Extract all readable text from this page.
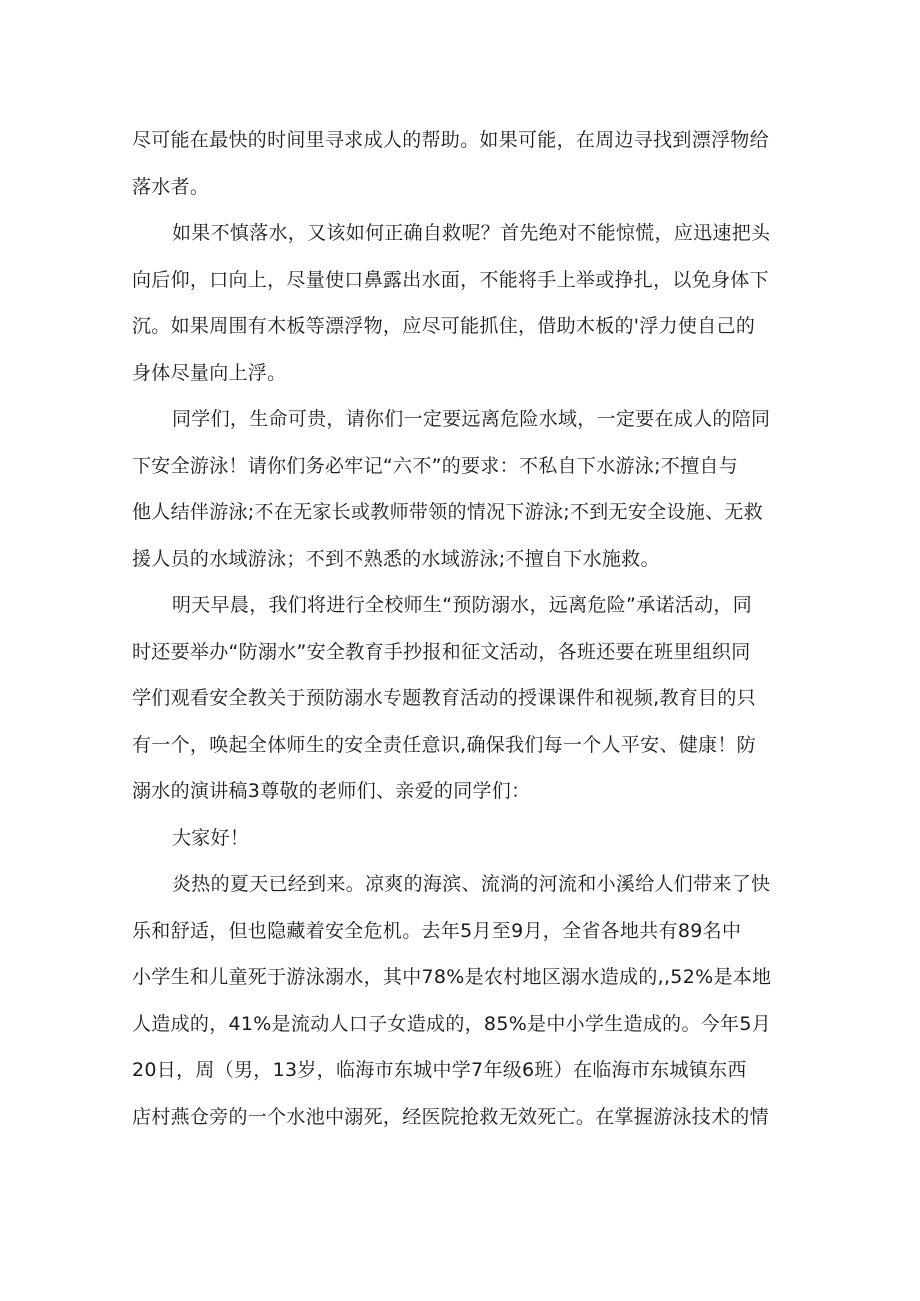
尽可能在最快的时间里寻求成人的帮助。如果可能，在周边寻找到漂浮物给
落水者。
如果不慎落水，又该如何正确自救呢？首先绝对不能惊慌，应迅速把头
向后仰，口向上，尽量使口鼻露出水面，不能将手上举或挣扎，以免身体下
沉。如果周围有木板等漂浮物，应尽可能抓住，借助木板的'浮力使自己的
身体尽量向上浮。
同学们，生命可贵，请你们一定要远离危险水域，一定要在成人的陪同
下安全游泳！请你们务必牢记“六不”的要求：不私自下水游泳;不擅自与
他人结伴游泳;不在无家长或教师带领的情况下游泳;不到无安全设施、无救
援人员的水域游泳；不到不熟悉的水域游泳;不擅自下水施救。
明天早晨，我们将进行全校师生“预防溺水，远离危险”承诺活动，同
时还要举办“防溺水”安全教育手抄报和征文活动，各班还要在班里组织同
学们观看安全教关于预防溺水专题教育活动的授课课件和视频,教育目的只
有一个，唤起全体师生的安全责任意识,确保我们每一个人平安、健康！防
溺水的演讲稿3尊敬的老师们、亲爱的同学们：
大家好！
炎热的夏天已经到来。凉爽的海滨、流淌的河流和小溪给人们带来了快
乐和舒适，但也隐藏着安全危机。去年5月至9月，全省各地共有89名中
小学生和儿童死于游泳溺水，其中78%是农村地区溺水造成的,,52%是本地
人造成的，41%是流动人口子女造成的，85%是中小学生造成的。今年5月
20日，周（男，13岁，临海市东城中学7年级6班）在临海市东城镇东西
店村燕仓旁的一个水池中溺死，经医院抢救无效死亡。在掌握游泳技术的情
